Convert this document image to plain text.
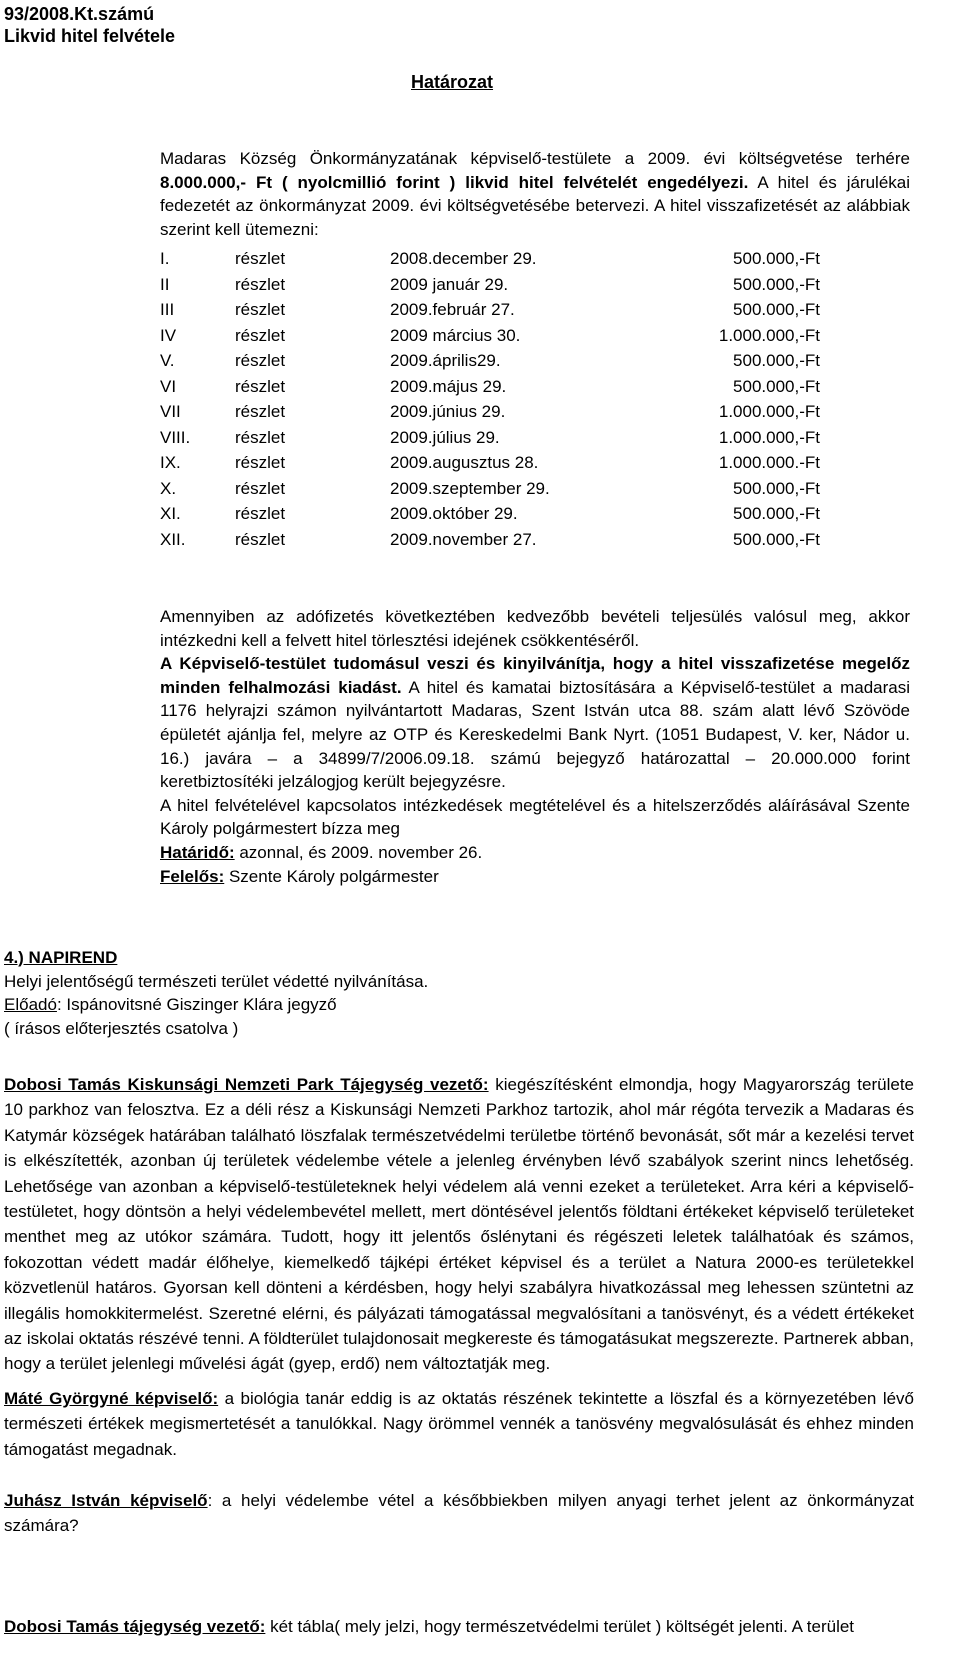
93/2008.Kt.számú
Likvid hitel felvétele
Határozat

Madaras Község Önkormányzatának képviselő-testülete a 2009. évi költségvetése terhére 8.000.000,- Ft ( nyolcmillió forint ) likvid hitel felvételét engedélyezi. A hitel és járulékai fedezetét az önkormányzat 2009. évi költségvetésébe betervezi. A hitel visszafizetését az alábbiak szerint kell ütemezni:

I.	részlet	2008.december 29.	500.000,-Ft
II	részlet	2009 január 29.	500.000,-Ft
III	részlet	2009.február 27.	500.000,-Ft
IV	részlet	2009 március 30.	1.000.000,-Ft
V.	részlet	2009.április29.	500.000,-Ft
VI	részlet	2009.május 29.	500.000,-Ft
VII	részlet	2009.június 29.	1.000.000,-Ft
VIII.	részlet	2009.július 29.	1.000.000,-Ft
IX.	részlet	2009.augusztus 28.	1.000.000.-Ft
X.	részlet	2009.szeptember 29.	500.000,-Ft
XI.	részlet	2009.október 29.	500.000,-Ft
XII.	részlet	2009.november 27.	500.000,-Ft

Amennyiben az adófizetés következtében kedvezőbb bevételi teljesülés valósul meg, akkor intézkedni kell a felvett hitel törlesztési idejének csökkentéséről.

A Képviselő-testület tudomásul veszi és kinyilvánítja, hogy a hitel visszafizetése megelőz minden felhalmozási kiadást. A hitel és kamatai biztosítására a Képviselő-testület a madarasi 1176 helyrajzi számon nyilvántartott Madaras, Szent István utca 88. szám alatt lévő Szövöde épületét ajánlja fel, melyre az OTP és Kereskedelmi Bank Nyrt. (1051 Budapest, V. ker, Nádor u. 16.) javára – a 34899/7/2006.09.18. számú bejegyző határozattal – 20.000.000 forint keretbiztosítéki jelzálogjog került bejegyzésre.

A hitel felvételével kapcsolatos intézkedések megtételével és a hitelszerződés aláírásával Szente Károly polgármestert bízza meg

Határidő: azonnal, és 2009. november 26.

Felelős: Szente Károly polgármester

4.) NAPIREND
Helyi jelentőségű természeti terület védetté nyilvánítása.
Előadó: Ispánovitsné Giszinger Klára jegyző
( írásos előterjesztés csatolva )

Dobosi Tamás Kiskunsági Nemzeti Park Tájegység vezető: kiegészítésként elmondja, hogy Magyarország területe 10 parkhoz van felosztva. Ez a déli rész a Kiskunsági Nemzeti Parkhoz tartozik, ahol már régóta tervezik a Madaras és Katymár községek határában található löszfalak természetvédelmi területbe történő bevonását, sőt már a kezelési tervet is elkészítették, azonban új területek védelembe vétele a jelenleg érvényben lévő szabályok szerint nincs lehetőség. Lehetősége van azonban a képviselő-testületeknek helyi védelem alá venni ezeket a területeket. Arra kéri a képviselő-testületet, hogy döntsön a helyi védelembevétel mellett, mert döntésével jelentős földtani értékeket képviselő területeket menthet meg az utókor számára. Tudott, hogy itt jelentős őslénytani és régészeti leletek találhatóak és számos, fokozottan védett madár élőhelye, kiemelkedő tájképi értéket képvisel és a terület a Natura 2000-es területekkel közvetlenül határos. Gyorsan kell dönteni a kérdésben, hogy helyi szabályra hivatkozással meg lehessen szüntetni az illegális homokkitermelést. Szeretné elérni, és pályázati támogatással megvalósítani a tanösvényt, és a védett értékeket az iskolai oktatás részévé tenni. A földterület tulajdonosait megkereste és támogatásukat megszerezte. Partnerek abban, hogy a terület jelenlegi művelési ágát (gyep, erdő) nem változtatják meg.

Máté Györgyné képviselő: a biológia tanár eddig is az oktatás részének tekintette a löszfal és a környezetében lévő természeti értékek megismertetését a tanulókkal. Nagy örömmel vennék a tanösvény megvalósulását és ehhez minden támogatást megadnak.

Juhász István képviselő: a helyi védelembe vétel a későbbiekben milyen anyagi terhet jelent az önkormányzat számára?

Dobosi Tamás tájegység vezető: két tábla( mely jelzi, hogy természetvédelmi terület ) költségét jelenti. A terület
